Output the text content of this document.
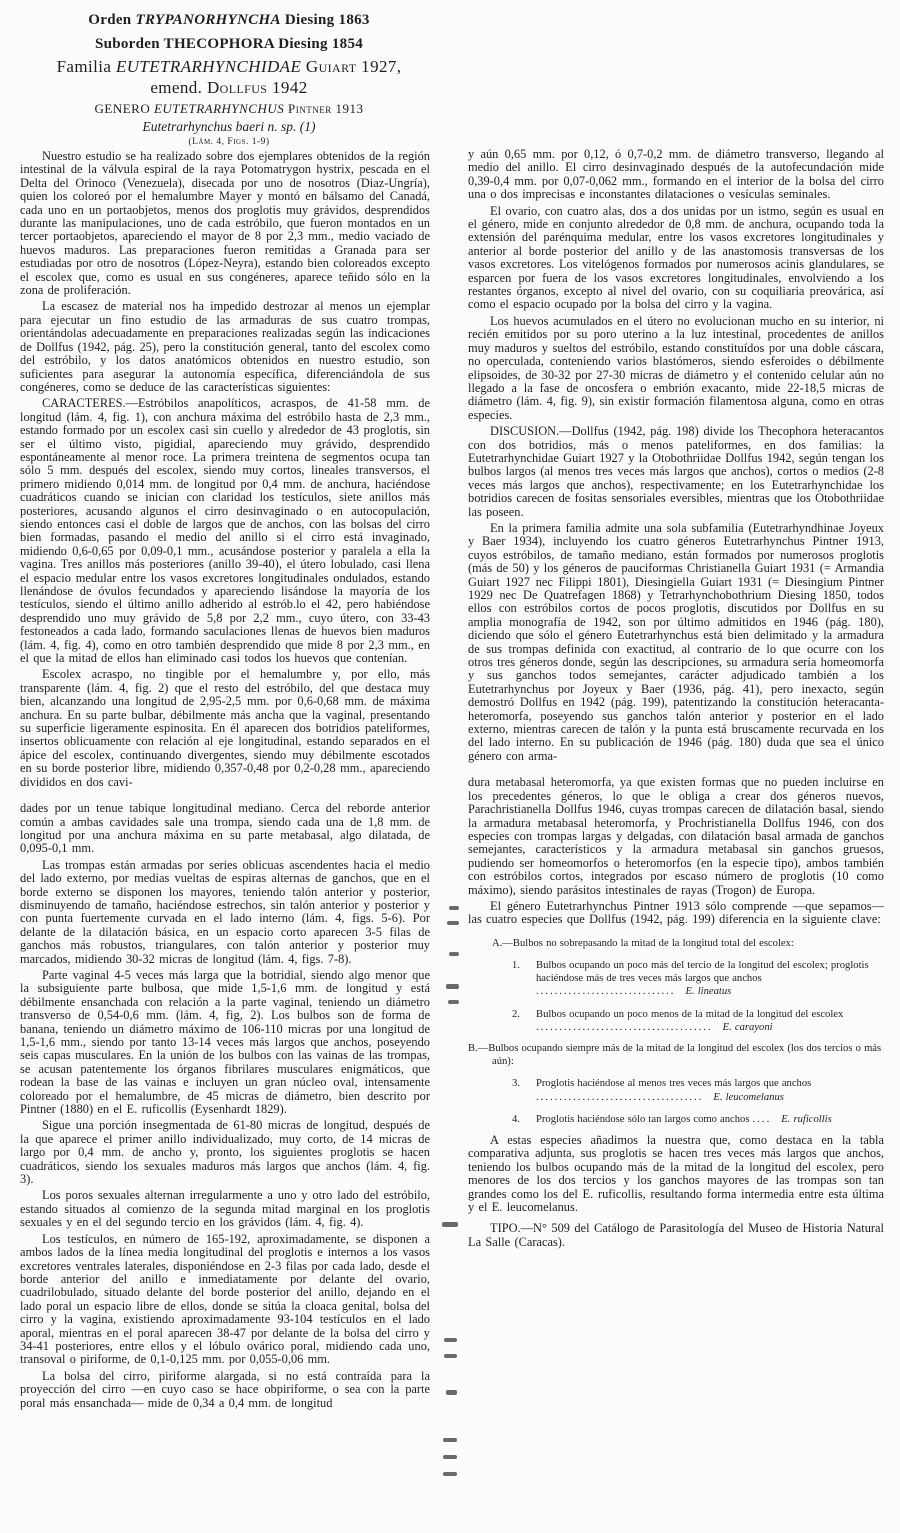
Orden TRYPANORHYNCHA Diesing 1863

Suborden THECOPHORA Diesing 1854

Familia EUTETRARHYNCHIDAE Guiart 1927,

emend. Dollfus 1942

GENERO EUTETRARHYNCHUS Pintner 1913

Eutetrarhynchus baeri n. sp. (1)

(Lám. 4, Figs. 1-9)

Nuestro estudio se ha realizado sobre dos ejemplares obtenidos de la región intestinal de la válvula espiral de la raya Potomatrygon hystrix, pescada en el Delta del Orinoco (Venezuela), disecada por uno de nosotros (Diaz-Ungría), quien los coloreó por el hemalumbre Mayer y montó en bálsamo del Canadá, cada uno en un portaobjetos, menos dos proglotis muy grávidos, desprendidos durante las manipulaciones, uno de cada estróbilo, que fueron montados en un tercer portaobjetos, apareciendo el mayor de 8 por 2,3 mm., medio vaciado de huevos maduros. Las preparaciones fueron remitidas a Granada para ser estudiadas por otro de nosotros (López-Neyra), estando bien coloreados excepto el escolex que, como es usual en sus congéneres, aparece teñido sólo en la zona de proliferación.

La escasez de material nos ha impedido destrozar al menos un ejemplar para ejecutar un fino estudio de las armaduras de sus cuatro trompas, orientándolas adecuadamente en preparaciones realizadas según las indicaciones de Dollfus (1942, pág. 25), pero la constitución general, tanto del escolex como del estróbilo, y los datos anatómicos obtenidos en nuestro estudio, son suficientes para asegurar la autonomía específica, diferenciándola de sus congéneres, como se deduce de las características siguientes:

CARACTERES.—Estróbilos anapolíticos, acraspos, de 41-58 mm. de longitud (lám. 4, fig. 1), con anchura máxima del estróbilo hasta de 2,3 mm., estando formado por un escolex casi sin cuello y alrededor de 43 proglotis, sin ser el último visto, pigidial, apareciendo muy grávido, desprendido espontáneamente al menor roce. La primera treintena de segmentos ocupa tan sólo 5 mm. después del escolex, siendo muy cortos, lineales transversos, el primero midiendo 0,014 mm. de longitud por 0,4 mm. de anchura, haciéndose cuadráticos cuando se inician con claridad los testículos, siete anillos más posteriores, acusando algunos el cirro desinvaginado o en autocopulación, siendo entonces casi el doble de largos que de anchos, con las bolsas del cirro bien formadas, pasando el medio del anillo si el cirro está invaginado, midiendo 0,6-0,65 por 0,09-0,1 mm., acusándose posterior y paralela a ella la vagina. Tres anillos más posteriores (anillo 39-40), el útero lobulado, casi llena el espacio medular entre los vasos excretores longitudinales ondulados, estando llenándose de óvulos fecundados y apareciendo lisándose la mayoría de los testículos, siendo el último anillo adherido al estrób.lo el 42, pero habiéndose desprendido uno muy grávido de 5,8 por 2,2 mm., cuyo útero, con 33-43 festoneados a cada lado, formando saculaciones llenas de huevos bien maduros (lám. 4, fig. 4), como en otro también desprendido que mide 8 por 2,3 mm., en el que la mitad de ellos han eliminado casi todos los huevos que contenían.

Escolex acraspo, no tingible por el hemalumbre y, por ello, más transparente (lám. 4, fig. 2) que el resto del estróbilo, del que destaca muy bien, alcanzando una longitud de 2,95-2,5 mm. por 0,6-0,68 mm. de máxima anchura. En su parte bulbar, débilmente más ancha que la vaginal, presentando su superficie ligeramente espinosita. En él aparecen dos botridios pateliformes, insertos oblicuamente con relación al eje longitudinal, estando separados en el ápice del escolex, continuando divergentes, siendo muy débilmente escotados en su borde posterior libre, midiendo 0,357-0,48 por 0,2-0,28 mm., apareciendo divididos en dos cavi-

dades por un tenue tabique longitudinal mediano. Cerca del reborde anterior común a ambas cavidades sale una trompa, siendo cada una de 1,8 mm. de longitud por una anchura máxima en su parte metabasal, algo dilatada, de 0,095-0,1 mm.

Las trompas están armadas por series oblicuas ascendentes hacia el medio del lado externo, por medias vueltas de espiras alternas de ganchos, que en el borde externo se disponen los mayores, teniendo talón anterior y posterior, disminuyendo de tamaño, haciéndose estrechos, sin talón anterior y posterior y con punta fuertemente curvada en el lado interno (lám. 4, figs. 5-6). Por delante de la dilatación básica, en un espacio corto aparecen 3-5 filas de ganchos más robustos, triangulares, con talón anterior y posterior muy marcados, midiendo 30-32 micras de longitud (lám. 4, figs. 7-8).

Parte vaginal 4-5 veces más larga que la botridial, siendo algo menor que la subsiguiente parte bulbosa, que mide 1,5-1,6 mm. de longitud y está débilmente ensanchada con relación a la parte vaginal, teniendo un diámetro transverso de 0,54-0,6 mm. (lám. 4, fig, 2). Los bulbos son de forma de banana, teniendo un diámetro máximo de 106-110 micras por una longitud de 1,5-1,6 mm., siendo por tanto 13-14 veces más largos que anchos, poseyendo seis capas musculares. En la unión de los bulbos con las vainas de las trompas, se acusan patentemente los órganos fibrilares musculares enigmáticos, que rodean la base de las vainas e incluyen un gran núcleo oval, intensamente coloreado por el hemalumbre, de 45 micras de diámetro, bien descrito por Pintner (1880) en el E. ruficollis (Eysenhardt 1829).

Sigue una porción insegmentada de 61-80 micras de longitud, después de la que aparece el primer anillo individualizado, muy corto, de 14 micras de largo por 0,4 mm. de ancho y, pronto, los siguientes proglotis se hacen cuadráticos, siendo los sexuales maduros más largos que anchos (lám. 4, fig. 3).

Los poros sexuales alternan irregularmente a uno y otro lado del estróbilo, estando situados al comienzo de la segunda mitad marginal en los proglotis sexuales y en el del segundo tercio en los grávidos (lám. 4, fig. 4).

Los testículos, en número de 165-192, aproximadamente, se disponen a ambos lados de la línea media longitudinal del proglotis e internos a los vasos excretores ventrales laterales, disponiéndose en 2-3 filas por cada lado, desde el borde anterior del anillo e inmediatamente por delante del ovario, cuadrilobulado, situado delante del borde posterior del anillo, dejando en el lado poral un espacio libre de ellos, donde se sitúa la cloaca genital, bolsa del cirro y la vagina, existiendo aproximadamente 93-104 testículos en el lado aporal, mientras en el poral aparecen 38-47 por delante de la bolsa del cirro y 34-41 posteriores, entre ellos y el lóbulo ovárico poral, midiendo cada uno, transoval o piriforme, de 0,1-0,125 mm. por 0,055-0,06 mm.

La bolsa del cirro, piriforme alargada, si no está contraída para la proyección del cirro —en cuyo caso se hace obpiriforme, o sea con la parte poral más ensanchada— mide de 0,34 a 0,4 mm. de longitud

y aún 0,65 mm. por 0,12, ó 0,7-0,2 mm. de diámetro transverso, llegando al medio del anillo. El cirro desinvaginado después de la autofecundación mide 0,39-0,4 mm. por 0,07-0,062 mm., formando en el interior de la bolsa del cirro una o dos imprecisas e inconstantes dilataciones o vesículas seminales.

El ovario, con cuatro alas, dos a dos unidas por un istmo, según es usual en el género, mide en conjunto alrededor de 0,8 mm. de anchura, ocupando toda la extensión del parénquima medular, entre los vasos excretores longitudinales y anterior al borde posterior del anillo y de las anastomosis transversas de los vasos excretores. Los vitelógenos formados por numerosos acinis glandulares, se esparcen por fuera de los vasos excretores longitudinales, envolviendo a los restantes órganos, excepto al nivel del ovario, con su coquiliaria preovárica, así como el espacio ocupado por la bolsa del cirro y la vagina.

Los huevos acumulados en el útero no evolucionan mucho en su interior, ni recién emitidos por su poro uterino a la luz intestinal, procedentes de anillos muy maduros y sueltos del estróbilo, estando constituídos por una doble cáscara, no operculada, conteniendo varios blastómeros, siendo esferoides o débilmente elipsoides, de 30-32 por 27-30 micras de diámetro y el contenido celular aún no llegado a la fase de oncosfera o embrión exacanto, mide 22-18,5 micras de diámetro (lám. 4, fig. 9), sin existir formación filamentosa alguna, como en otras especies.

DISCUSION.—Dollfus (1942, pág. 198) divide los Thecophora heteracantos con dos botridios, más o menos pateliformes, en dos familias: la Eutetrarhynchidae Guiart 1927 y la Otobothriidae Dollfus 1942, según tengan los bulbos largos (al menos tres veces más largos que anchos), cortos o medios (2-8 veces más largos que anchos), respectivamente; en los Eutetrarhynchidae los botridios carecen de fositas sensoriales eversibles, mientras que los Otobothriidae las poseen.

En la primera familia admite una sola subfamilia (Eutetrarhyndhinae Joyeux y Baer 1934), incluyendo los cuatro géneros Eutetrarhynchus Pintner 1913, cuyos estróbilos, de tamaño mediano, están formados por numerosos proglotis (más de 50) y los géneros de pauciformas Christianella Guiart 1931 (= Armandia Guiart 1927 nec Filippi 1801), Diesingiella Guiart 1931 (= Diesingium Pintner 1929 nec De Quatrefagen 1868) y Tetrarhynchobothrium Diesing 1850, todos ellos con estróbilos cortos de pocos proglotis, discutidos por Dollfus en su amplia monografía de 1942, son por último admitidos en 1946 (pág. 180), diciendo que sólo el género Eutetrarhynchus está bien delimitado y la armadura de sus trompas definida con exactitud, al contrario de lo que ocurre con los otros tres géneros donde, según las descripciones, su armadura sería homeomorfa y sus ganchos todos semejantes, carácter adjudicado también a los Eutetrarhynchus por Joyeux y Baer (1936, pág. 41), pero inexacto, según demostró Dollfus en 1942 (pág. 199), patentizando la constitución heteracanta-heteromorfa, poseyendo sus ganchos talón anterior y posterior en el lado externo, mientras carecen de talón y la punta está bruscamente recurvada en los del lado interno. En su publicación de 1946 (pág. 180) duda que sea el único género con arma-

dura metabasal heteromorfa, ya que existen formas que no pueden incluirse en los precedentes géneros, lo que le obliga a crear dos géneros nuevos, Parachristianella Dollfus 1946, cuyas trompas carecen de dilatación basal, siendo la armadura metabasal heteromorfa, y Prochristianella Dollfus 1946, con dos especies con trompas largas y delgadas, con dilatación basal armada de ganchos semejantes, característicos y la armadura metabasal sin ganchos gruesos, pudiendo ser homeomorfos o heteromorfos (en la especie tipo), ambos también con estróbilos cortos, integrados por escaso número de proglotis (10 como máximo), siendo parásitos intestinales de rayas (Trogon) de Europa.

El género Eutetrarhynchus Pintner 1913 sólo comprende —que sepamos— las cuatro especies que Dollfus (1942, pág. 199) diferencia en la siguiente clave:

A.—Bulbos no sobrepasando la mitad de la longitud total del escolex:

1.	Bulbos ocupando un poco más del tercio de la longitud del escolex; proglotis haciéndose más de tres veces más largos que anchos .............................. E. lineatus
2.	Bulbos ocupando un poco menos de la mitad de la longitud del escolex ...................................... E. carayoni

B.—Bulbos ocupando siempre más de la mitad de la longitud del escolex (los dos tercios o más aún):

3.	Proglotis haciéndose al menos tres veces más largos que anchos .................................... E. leucomelanus
4.	Proglotis haciéndose sólo tan largos como anchos .... E. ruficollis

A estas especies añadimos la nuestra que, como destaca en la tabla comparativa adjunta, sus proglotis se hacen tres veces más largos que anchos, teniendo los bulbos ocupando más de la mitad de la longitud del escolex, pero menores de los dos tercios y los ganchos mayores de las trompas son tan grandes como los del E. ruficollis, resultando forma intermedia entre esta última y el E. leucomelanus.

TIPO.—N° 509 del Catálogo de Parasitología del Museo de Historia Natural La Salle (Caracas).
